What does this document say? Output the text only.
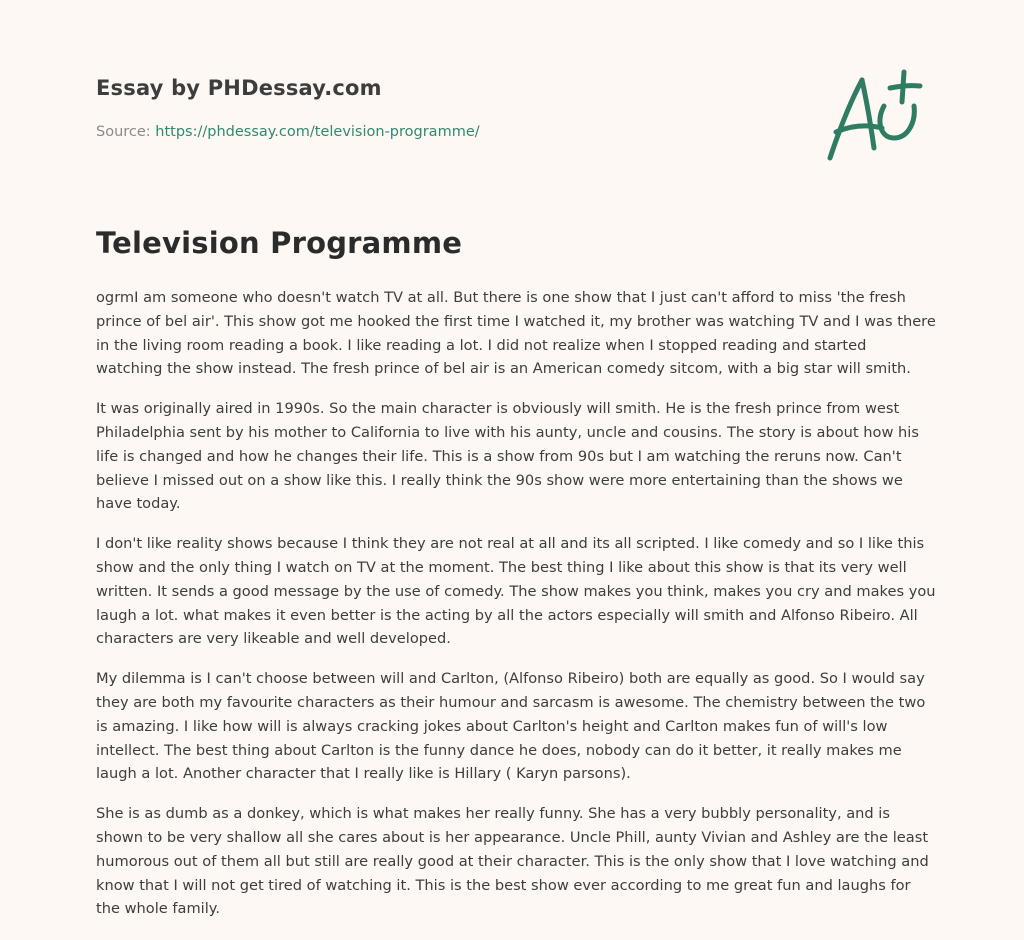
Essay by PHDessay.com
Source: https://phdessay.com/television-programme/
Television Programme

ogrmI am someone who doesn't watch TV at all. But there is one show that I just can't afford to miss 'the fresh prince of bel air'. This show got me hooked the first time I watched it, my brother was watching TV and I was there in the living room reading a book. I like reading a lot. I did not realize when I stopped reading and started watching the show instead. The fresh prince of bel air is an American comedy sitcom, with a big star will smith.

It was originally aired in 1990s. So the main character is obviously will smith. He is the fresh prince from west Philadelphia sent by his mother to California to live with his aunty, uncle and cousins. The story is about how his life is changed and how he changes their life. This is a show from 90s but I am watching the reruns now. Can't believe I missed out on a show like this. I really think the 90s show were more entertaining than the shows we have today.

I don't like reality shows because I think they are not real at all and its all scripted. I like comedy and so I like this show and the only thing I watch on TV at the moment. The best thing I like about this show is that its very well written. It sends a good message by the use of comedy. The show makes you think, makes you cry and makes you laugh a lot. what makes it even better is the acting by all the actors especially will smith and Alfonso Ribeiro. All characters are very likeable and well developed.

My dilemma is I can't choose between will and Carlton, (Alfonso Ribeiro) both are equally as good. So I would say they are both my favourite characters as their humour and sarcasm is awesome. The chemistry between the two is amazing. I like how will is always cracking jokes about Carlton's height and Carlton makes fun of will's low intellect. The best thing about Carlton is the funny dance he does, nobody can do it better, it really makes me laugh a lot. Another character that I really like is Hillary ( Karyn parsons).

She is as dumb as a donkey, which is what makes her really funny. She has a very bubbly personality, and is shown to be very shallow all she cares about is her appearance. Uncle Phill, aunty Vivian and Ashley are the least humorous out of them all but still are really good at their character. This is the only show that I love watching and know that I will not get tired of watching it. This is the best show ever according to me great fun and laughs for the whole family.
